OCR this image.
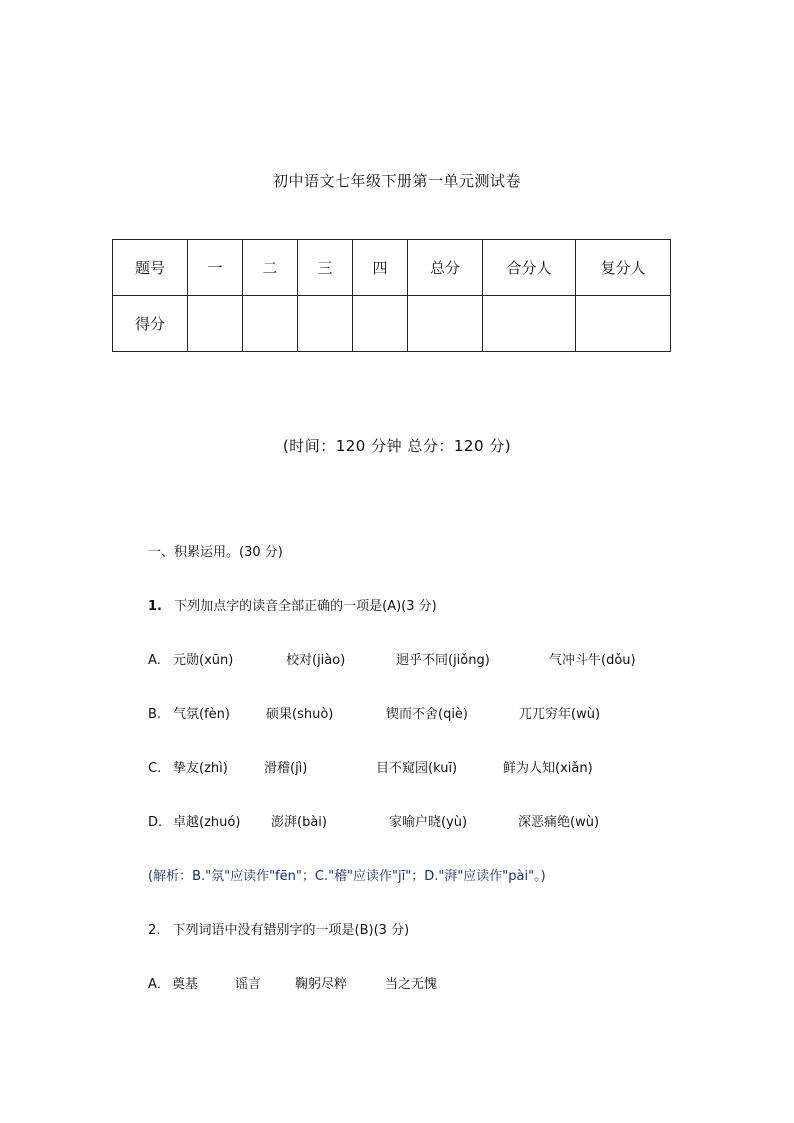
初中语文七年级下册第一单元测试卷
题号	一	二	三	四	总分	合分人	复分人
得分							
(时间：120 分钟 总分：120 分)
一、积累运用。(30 分)
1. 下列加点字的读音全部正确的一项是(A)(3 分)
A. 元勋(xūn)	校对(jiào)	迥乎不同(jiǒng)	气冲斗牛(dǒu)
B. 气氛(fèn)	硕果(shuò)	锲而不舍(qiè)	兀兀穷年(wù)
C. 挚友(zhì)	滑稽(jì)	目不窥园(kuī)	鲜为人知(xiǎn)
D. 卓越(zhuó) 澎湃(bài)	家喻户晓(yù)	深恶痛绝(wù)
(解析：B."氛"应读作"fēn"；C."稽"应读作"jī"；D."湃"应读作"pài"。)
2. 下列词语中没有错别字的一项是(B)(3 分)
A． 奠基	谣言	鞠躬尽粹	当之无愧
